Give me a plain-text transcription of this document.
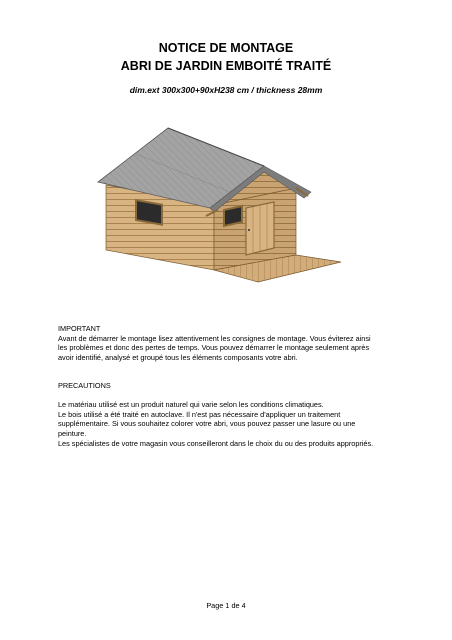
NOTICE DE MONTAGE
ABRI DE JARDIN EMBOITÉ TRAITÉ
dim.ext 300x300+90xH238 cm / thickness 28mm

IMPORTANT

Avant de démarrer le montage lisez attentivement les consignes de montage. Vous éviterez ainsi

les problèmes et donc des pertes de temps. Vous pouvez démarrer le montage seulement après

avoir identifié, analysé et groupé tous les éléments composants votre abri.

PRECAUTIONS

Le matériau utilisé est un produit naturel qui varie selon les conditions climatiques.

Le bois utilisé a été traité en autoclave. Il n'est pas nécessaire d'appliquer un traitement

supplémentaire. Si vous souhaitez colorer votre abri, vous pouvez passer une lasure ou une

peinture.

Les spécialistes de votre magasin vous conseilleront dans le choix du ou des produits appropriés.

Page 1 de 4
